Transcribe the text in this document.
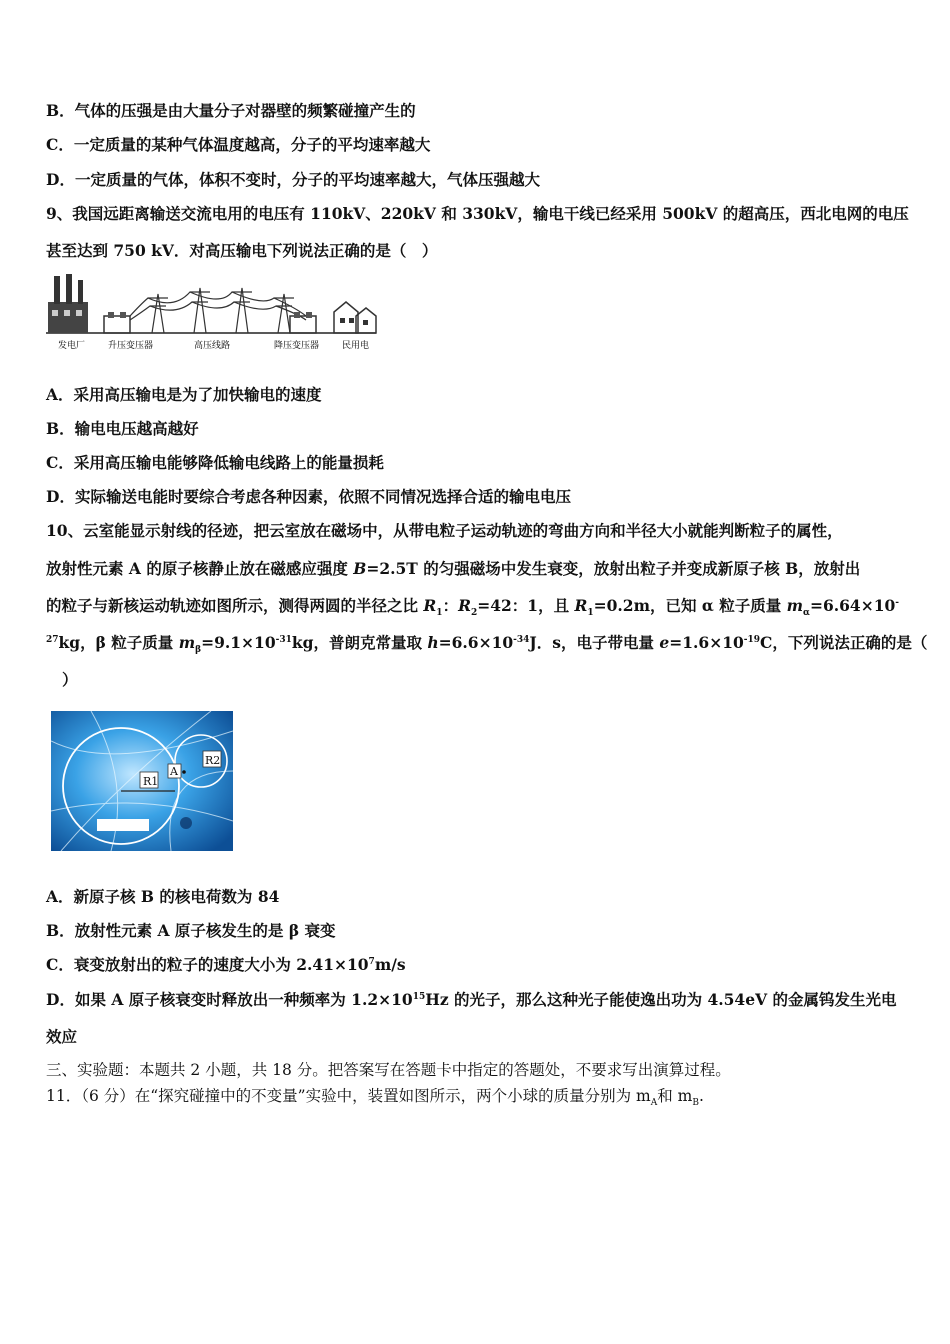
B．气体的压强是由大量分子对器壁的频繁碰撞产生的
C．一定质量的某种气体温度越高，分子的平均速率越大
D．一定质量的气体，体积不变时，分子的平均速率越大，气体压强越大
9、我国远距离输送交流电用的电压有 110kV、220kV 和 330kV，输电干线已经采用 500kV 的超高压，西北电网的电压
甚至达到 750 kV．对高压输电下列说法正确的是（　）
发电厂	升压变压器	高压线路	降压变压器	民用电
A．采用高压输电是为了加快输电的速度
B．输电电压越高越好
C．采用高压输电能够降低输电线路上的能量损耗
D．实际输送电能时要综合考虑各种因素，依照不同情况选择合适的输电电压
10、云室能显示射线的径迹，把云室放在磁场中，从带电粒子运动轨迹的弯曲方向和半径大小就能判断粒子的属性，
放射性元素 A 的原子核静止放在磁感应强度 B=2.5T 的匀强磁场中发生衰变，放射出粒子并变成新原子核 B，放射出
的粒子与新核运动轨迹如图所示，测得两圆的半径之比 $R_1$：$R_2=42$：1，且 $R_1=0.2m$，已知 α 粒子质量 $m_\alpha=6.64\times 10^-$
$^{27}$kg，β 粒子质量 $m_\beta=9.1\times 10^{-31}kg$，普朗克常量取 $h=6.6\times 10^{-34}J$．s，电子带电量 $e=1.6\times 10^{-19}C$，下列说法正确的是（
）
R1
A
R2
A．新原子核 B 的核电荷数为 84
B．放射性元素 A 原子核发生的是 β 衰变
C．衰变放射出的粒子的速度大小为 $2.41\times 10^7m/s$
D．如果 A 原子核衰变时释放出一种频率为 $1.2\times 10^{15}Hz$ 的光子，那么这种光子能使逸出功为 4.54eV 的金属钨发生光电
效应
三、实验题：本题共 2 小题，共 18 分。把答案写在答题卡中指定的答题处，不要求写出演算过程。
11．（6 分）在“探究碰撞中的不变量”实验中，装置如图所示，两个小球的质量分别为 $m_A$和 $m_B$.
